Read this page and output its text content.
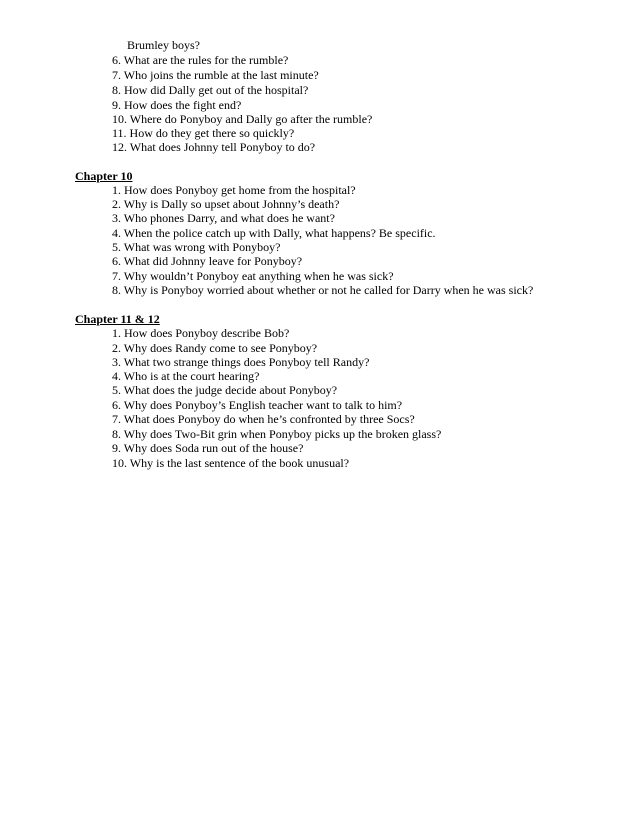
Brumley boys?
6. What are the rules for the rumble?
7. Who joins the rumble at the last minute?
8. How did Dally get out of the hospital?
9. How does the fight end?
10. Where do Ponyboy and Dally go after the rumble?
11. How do they get there so quickly?
12. What does Johnny tell Ponyboy to do?
Chapter 10
1. How does Ponyboy get home from the hospital?
2. Why is Dally so upset about Johnny’s death?
3. Who phones Darry, and what does he want?
4. When the police catch up with Dally, what happens? Be specific.
5. What was wrong with Ponyboy?
6. What did Johnny leave for Ponyboy?
7. Why wouldn’t Ponyboy eat anything when he was sick?
8. Why is Ponyboy worried about whether or not he called for Darry when he was sick?
Chapter 11 & 12
1. How does Ponyboy describe Bob?
2. Why does Randy come to see Ponyboy?
3. What two strange things does Ponyboy tell Randy?
4. Who is at the court hearing?
5. What does the judge decide about Ponyboy?
6. Why does Ponyboy’s English teacher want to talk to him?
7. What does Ponyboy do when he’s confronted by three Socs?
8. Why does Two-Bit grin when Ponyboy picks up the broken glass?
9. Why does Soda run out of the house?
10. Why is the last sentence of the book unusual?
